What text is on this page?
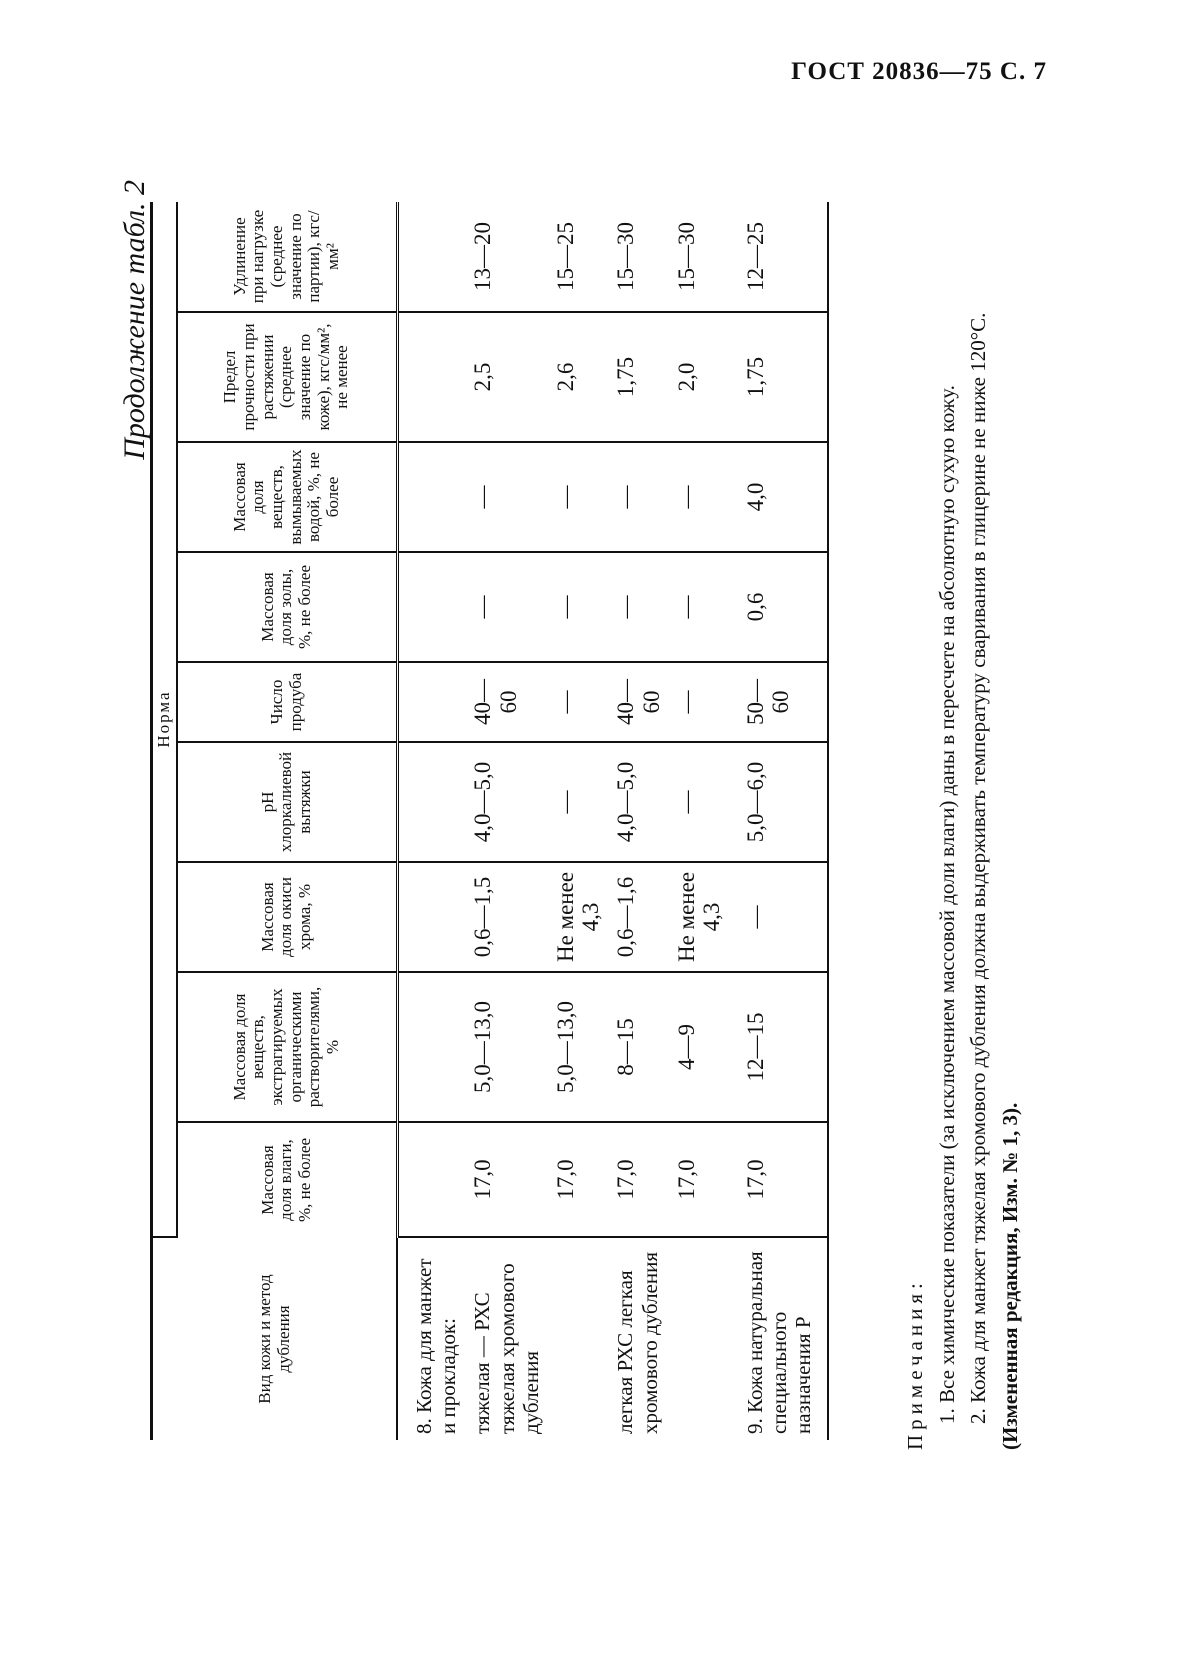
ГОСТ 20836—75 С. 7
Продолжение табл. 2
Вид кожи и метод дубления	Норма								
	Массовая доля влаги, %, не более	Массовая доля веществ, экстрагируемых органическими растворителями, %	Массовая доля окиси хрома, %	pH хлоркалиевой вытяжки	Число продуба	Массовая доля золы, %, не более	Массовая доля веществ, вымываемых водой, %, не более	Предел прочности при растяжении (среднее значение по коже), кгс/мм², не менее	Удлинение при нагрузке (среднее значение по партии), кгс/мм²
8. Кожа для манжет и прокладок:									
тяжелая — РХС тяжелая хромового дубления	17,0	5,0—13,0	0,6—1,5	4,0—5,0	40—60	—	—	2,5	13—20
	17,0	5,0—13,0	Не менее 4,3	—	—	—	—	2,6	15—25
легкая РХС легкая хромового дубления	17,0	8—15	0,6—1,6	4,0—5,0	40—60	—	—	1,75	15—30
	17,0	4—9	Не менее 4,3	—	—	—	—	2,0	15—30
9. Кожа натуральная специального назначения Р	17,0	12—15	—	5,0—6,0	50—60	0,6	4,0	1,75	12—25

Примечания: 1. Все химические показатели (за исключением массовой доли влаги) даны в пересчете на абсолютную сухую кожу. 2. Кожа для манжет тяжелая хромового дубления должна выдерживать температуру сваривания в глицерине не ниже 120°С. (Измененная редакция, Изм. № 1, 3).
